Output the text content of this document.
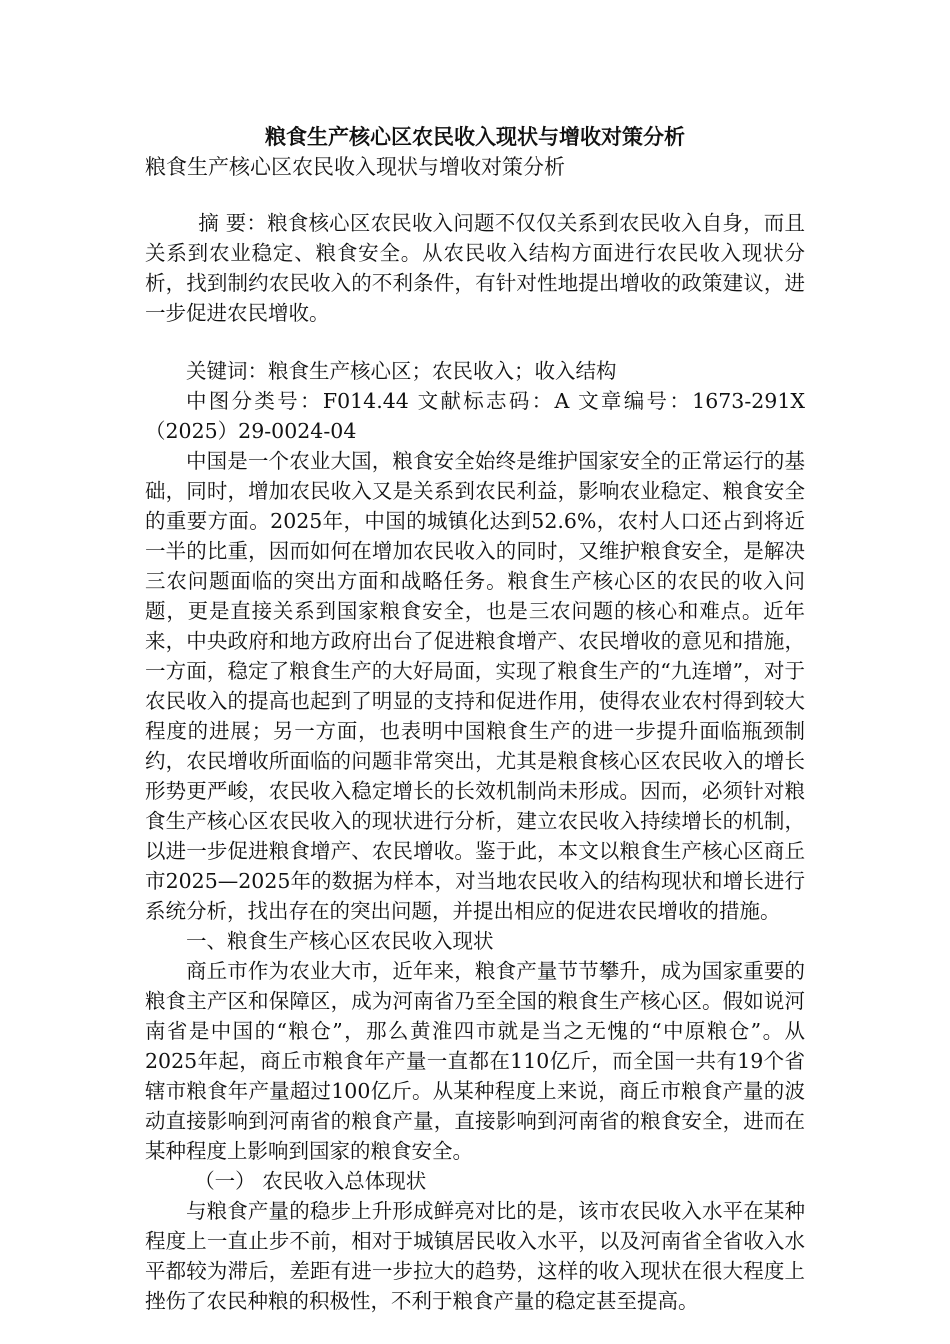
粮食生产核心区农民收入现状与增收对策分析

粮食生产核心区农民收入现状与增收对策分析

摘 要：粮食核心区农民收入问题不仅仅关系到农民收入自身，而且关系到农业稳定、粮食安全。从农民收入结构方面进行农民收入现状分析，找到制约农民收入的不利条件，有针对性地提出增收的政策建议，进一步促进农民增收。

关键词：粮食生产核心区；农民收入；收入结构

中图分类号：F014.44 文献标志码：A 文章编号：1673-291X（2025）29-0024-04

中国是一个农业大国，粮食安全始终是维护国家安全的正常运行的基础，同时，增加农民收入又是关系到农民利益，影响农业稳定、粮食安全的重要方面。2025年，中国的城镇化达到52.6%，农村人口还占到将近一半的比重，因而如何在增加农民收入的同时，又维护粮食安全，是解决三农问题面临的突出方面和战略任务。粮食生产核心区的农民的收入问题，更是直接关系到国家粮食安全，也是三农问题的核心和难点。近年来，中央政府和地方政府出台了促进粮食增产、农民增收的意见和措施，一方面，稳定了粮食生产的大好局面，实现了粮食生产的“九连增”，对于农民收入的提高也起到了明显的支持和促进作用，使得农业农村得到较大程度的进展；另一方面，也表明中国粮食生产的进一步提升面临瓶颈制约，农民增收所面临的问题非常突出，尤其是粮食核心区农民收入的增长形势更严峻，农民收入稳定增长的长效机制尚未形成。因而，必须针对粮食生产核心区农民收入的现状进行分析，建立农民收入持续增长的机制，以进一步促进粮食增产、农民增收。鉴于此，本文以粮食生产核心区商丘市2025—2025年的数据为样本，对当地农民收入的结构现状和增长进行系统分析，找出存在的突出问题，并提出相应的促进农民增收的措施。

一、粮食生产核心区农民收入现状

商丘市作为农业大市，近年来，粮食产量节节攀升，成为国家重要的粮食主产区和保障区，成为河南省乃至全国的粮食生产核心区。假如说河南省是中国的“粮仓”，那么黄淮四市就是当之无愧的“中原粮仓”。从2025年起，商丘市粮食年产量一直都在110亿斤，而全国一共有19个省辖市粮食年产量超过100亿斤。从某种程度上来说，商丘市粮食产量的波动直接影响到河南省的粮食产量，直接影响到河南省的粮食安全，进而在某种程度上影响到国家的粮食安全。

（一） 农民收入总体现状

与粮食产量的稳步上升形成鲜亮对比的是，该市农民收入水平在某种程度上一直止步不前，相对于城镇居民收入水平，以及河南省全省收入水平都较为滞后，差距有进一步拉大的趋势，这样的收入现状在很大程度上挫伤了农民种粮的积极性，不利于粮食产量的稳定甚至提高。
